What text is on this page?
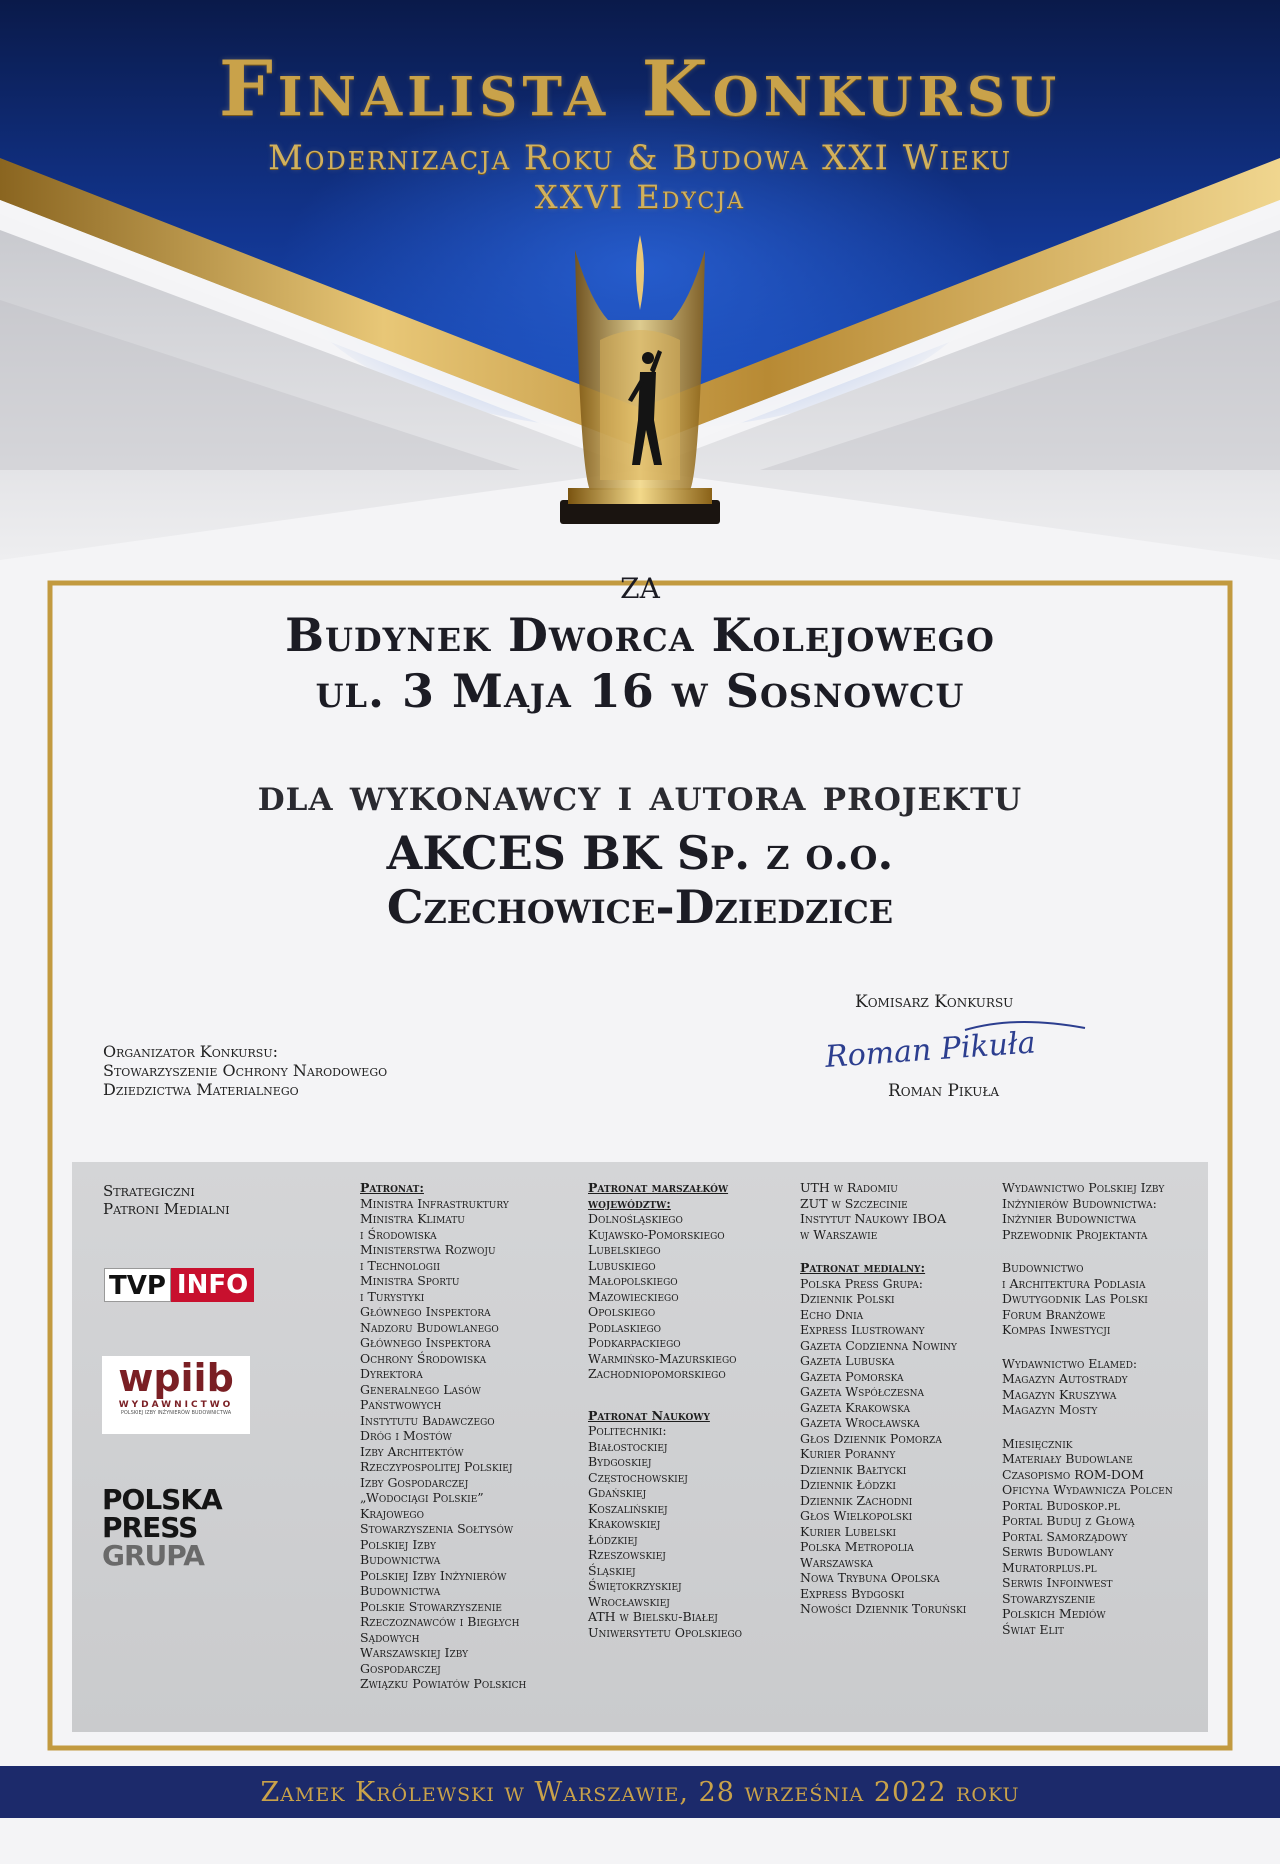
Finalista Konkursu
Modernizacja Roku & Budowa XXI Wieku
XXVI Edycja
za
Budynek Dworca Kolejowego
ul. 3 Maja 16 w Sosnowcu
dla wykonawcy i autora projektu
AKCES BK Sp. z o.o.
Czechowice-Dziedzice
Organizator Konkursu:
Stowarzyszenie Ochrony Narodowego
Dziedzictwa Materialnego
Komisarz Konkursu
Roman Pikuła
Roman Pikuła
Strategiczni
Patroni Medialni
TVP INFO
wpiib
WYDAWNICTWO
POLSKIEJ IZBY INŻYNIERÓW BUDOWNICTWA
POLSKA
PRESS
GRUPA
Patronat:
Ministra Infrastruktury
Ministra Klimatu
i Środowiska
Ministerstwa Rozwoju
i Technologii
Ministra Sportu
i Turystyki
Głównego Inspektora
Nadzoru Budowlanego
Głównego Inspektora
Ochrony Środowiska
Dyrektora
Generalnego Lasów
Państwowych
Instytutu Badawczego
Dróg i Mostów
Izby Architektów
Rzeczypospolitej Polskiej
Izby Gospodarczej
„Wodociągi Polskie”
Krajowego
Stowarzyszenia Sołtysów
Polskiej Izby
Budownictwa
Polskiej Izby Inżynierów
Budownictwa
Polskie Stowarzyszenie
Rzeczoznawców i Biegłych
Sądowych
Warszawskiej Izby
Gospodarczej
Związku Powiatów Polskich
Patronat marszałków
województw:
Dolnośląskiego
Kujawsko-Pomorskiego
Lubelskiego
Lubuskiego
Małopolskiego
Mazowieckiego
Opolskiego
Podlaskiego
Podkarpackiego
Warmińsko-Mazurskiego
Zachodniopomorskiego
Patronat Naukowy
Politechniki:
Białostockiej
Bydgoskiej
Częstochowskiej
Gdańskiej
Koszalińskiej
Krakowskiej
Łódzkiej
Rzeszowskiej
Śląskiej
Świętokrzyskiej
Wrocławskiej
ATH w Bielsku-Białej
Uniwersytetu Opolskiego
UTH w Radomiu
ZUT w Szczecinie
Instytut Naukowy IBOA
w Warszawie
Patronat medialny:
Polska Press Grupa:
Dziennik Polski
Echo Dnia
Express Ilustrowany
Gazeta Codzienna Nowiny
Gazeta Lubuska
Gazeta Pomorska
Gazeta Współczesna
Gazeta Krakowska
Gazeta Wrocławska
Głos Dziennik Pomorza
Kurier Poranny
Dziennik Bałtycki
Dziennik Łódzki
Dziennik Zachodni
Głos Wielkopolski
Kurier Lubelski
Polska Metropolia
Warszawska
Nowa Trybuna Opolska
Express Bydgoski
Nowości Dziennik Toruński
Wydawnictwo Polskiej Izby
Inżynierów Budownictwa:
Inżynier Budownictwa
Przewodnik Projektanta
Budownictwo
i Architektura Podlasia
Dwutygodnik Las Polski
Forum Branżowe
Kompas Inwestycji
Wydawnictwo Elamed:
Magazyn Autostrady
Magazyn Kruszywa
Magazyn Mosty
Miesięcznik
Materiały Budowlane
Czasopismo ROM-DOM
Oficyna Wydawnicza Polcen
Portal Budoskop.pl
Portal Buduj z Głową
Portal Samorządowy
Serwis Budowlany
Muratorplus.pl
Serwis Infoinwest
Stowarzyszenie
Polskich Mediów
Świat Elit
Zamek Królewski w Warszawie, 28 września 2022 roku
